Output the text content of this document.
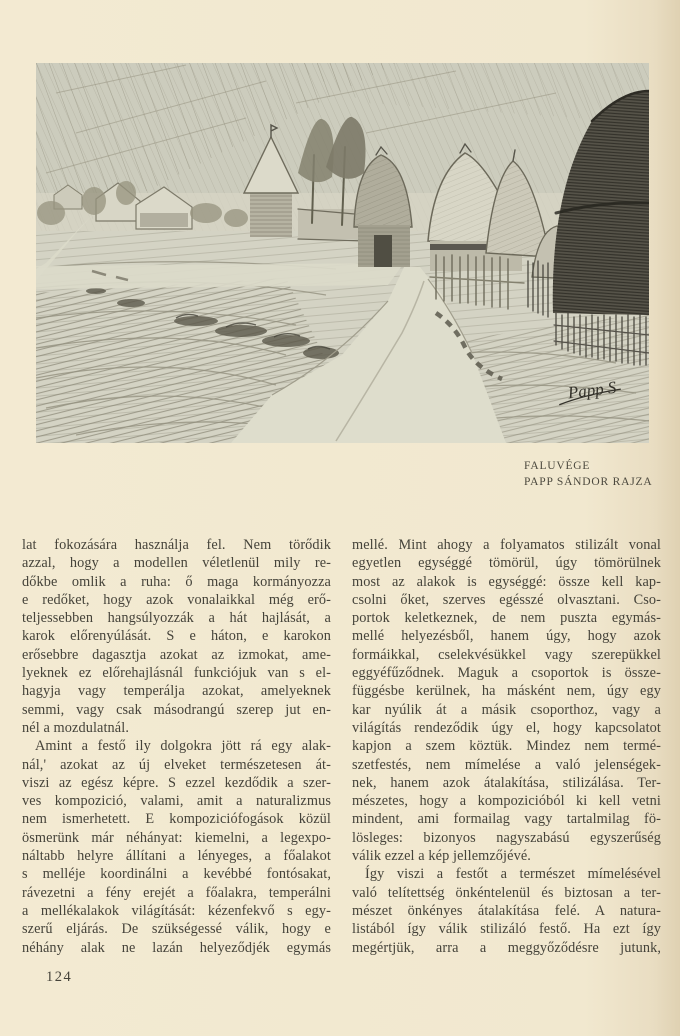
Papp S
FALUVÉGE
PAPP SÁNDOR RAJZA
lat fokozására használja fel. Nem törődik
azzal, hogy a modellen véletlenül mily re-
dőkbe omlik a ruha: ő maga kormányozza
e redőket, hogy azok vonalaikkal még erő-
teljessebben hangsúlyozzák a hát hajlását, a
karok előrenyúlását. S e háton, e karokon
erősebbre dagasztja azokat az izmokat, ame-
lyeknek ez előrehajlásnál funkciójuk van s el-
hagyja vagy temperálja azokat, amelyeknek
semmi, vagy csak másodrangú szerep jut en-
nél a mozdulatnál.
Amint a festő ily dolgokra jött rá egy alak-
nál,' azokat az új elveket természetesen át-
viszi az egész képre. S ezzel kezdődik a szer-
ves kompozició, valami, amit a naturalizmus
nem ismerhetett. E kompoziciófogások közül
ösmerünk már néhányat: kiemelni, a legexpo-
náltabb helyre állítani a lényeges, a főalakot
s melléje koordinálni a kevébbé fontósakat,
rávezetni a fény erejét a főalakra, temperálni
a mellékalakok világítását: kézenfekvő s egy-
szerű eljárás. De szükségessé válik, hogy e
néhány alak ne lazán helyeződjék egymás
mellé. Mint ahogy a folyamatos stilizált vonal
egyetlen egységgé tömörül, úgy tömörülnek
most az alakok is egységgé: össze kell kap-
csolni őket, szerves egésszé olvasztani. Cso-
portok keletkeznek, de nem puszta egymás-
mellé helyezésből, hanem úgy, hogy azok
formáikkal, cselekvésükkel vagy szerepükkel
eggyéfűződnek. Maguk a csoportok is össze-
függésbe kerülnek, ha másként nem, úgy egy
kar nyúlik át a másik csoporthoz, vagy a
világítás rendeződik úgy el, hogy kapcsolatot
kapjon a szem köztük. Mindez nem termé-
szetfestés, nem mímelése a való jelenségek-
nek, hanem azok átalakítása, stilizálása. Ter-
mészetes, hogy a kompozicióból ki kell vetni
mindent, ami formailag vagy tartalmilag fö-
lösleges: bizonyos nagyszabású egyszerűség
válik ezzel a kép jellemzőjévé.
Így viszi a festőt a természet mímelésével
való telítettség önkéntelenül és biztosan a ter-
mészet önkényes átalakítása felé. A natura-
listából így válik stilizáló festő. Ha ezt így
megértjük, arra a meggyőződésre jutunk,
124
